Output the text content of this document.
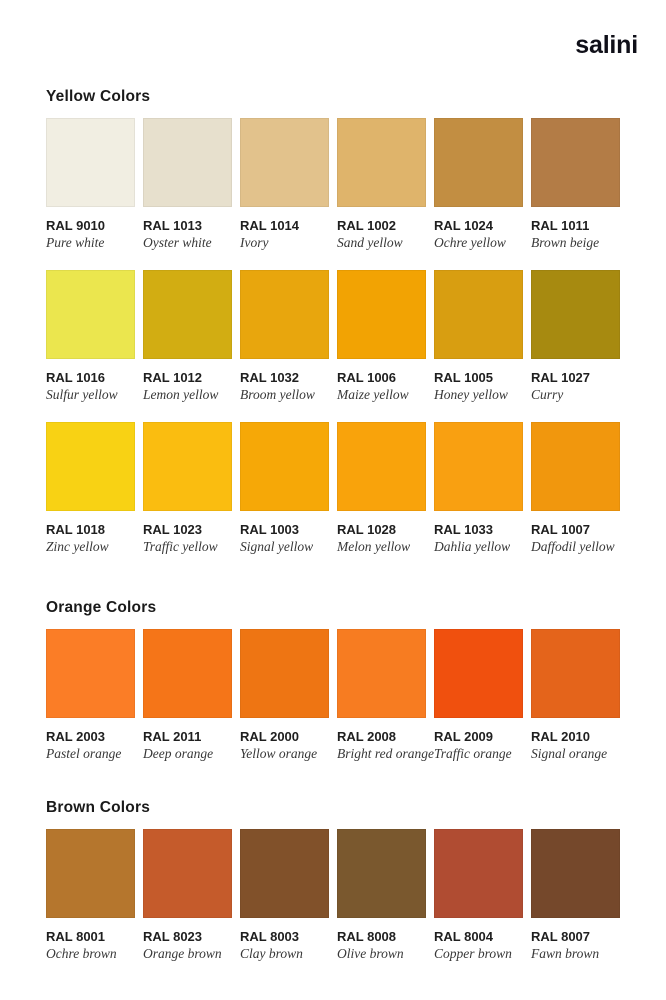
salini
Yellow Colors
RAL 9010
Pure white
RAL 1013
Oyster white
RAL 1014
Ivory
RAL 1002
Sand yellow
RAL 1024
Ochre yellow
RAL 1011
Brown beige
RAL 1016
Sulfur yellow
RAL 1012
Lemon yellow
RAL 1032
Broom yellow
RAL 1006
Maize yellow
RAL 1005
Honey yellow
RAL 1027
Curry
RAL 1018
Zinc yellow
RAL 1023
Traffic yellow
RAL 1003
Signal yellow
RAL 1028
Melon yellow
RAL 1033
Dahlia yellow
RAL 1007
Daffodil yellow
Orange Colors
RAL 2003
Pastel orange
RAL 2011
Deep orange
RAL 2000
Yellow orange
RAL 2008
Bright red orange
RAL 2009
Traffic orange
RAL 2010
Signal orange
Brown Colors
RAL 8001
Ochre brown
RAL 8023
Orange brown
RAL 8003
Clay brown
RAL 8008
Olive brown
RAL 8004
Copper brown
RAL 8007
Fawn brown
